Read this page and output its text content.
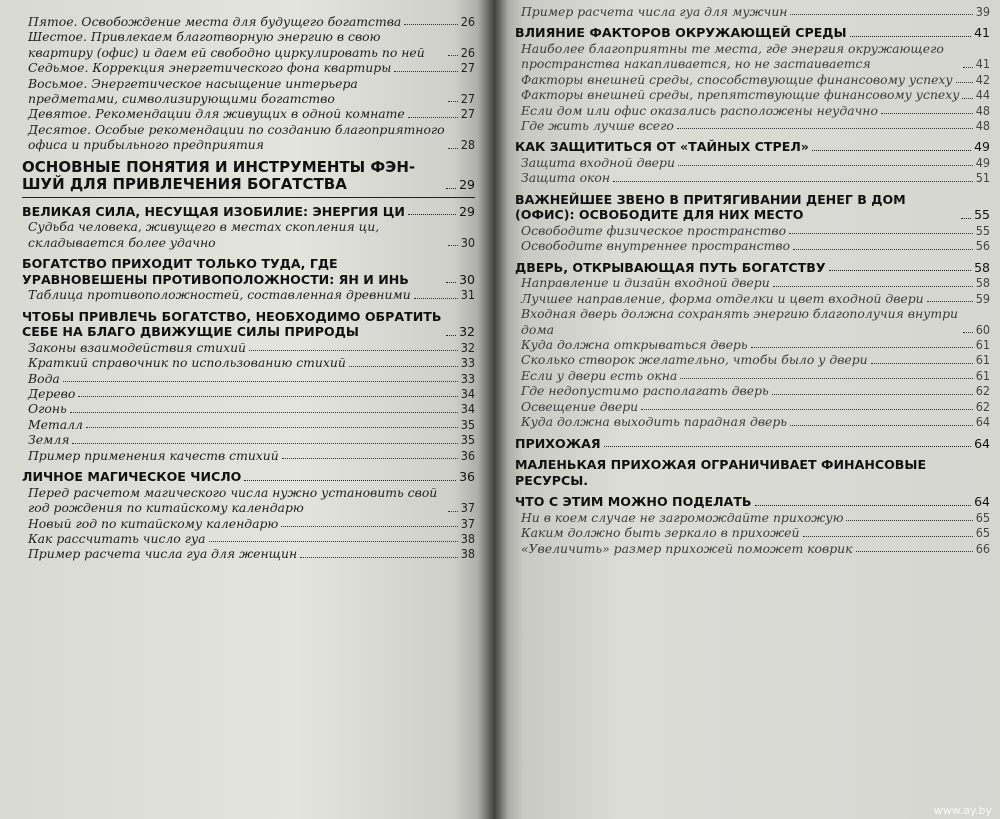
Пятое. Освобождение места для будущего богатства	26
Шестое. Привлекаем благотворную энергию в свою квартиру (офис) и даем ей свободно циркулировать по ней	26
Седьмое. Коррекция энергетического фона квартиры	27
Восьмое. Энергетическое насыщение интерьера предметами, символизирующими богатство	27
Девятое. Рекомендации для живущих в одной комнате	27
Десятое. Особые рекомендации по созданию благоприятного офиса и прибыльного предприятия	28
ОСНОВНЫЕ ПОНЯТИЯ И ИНСТРУМЕНТЫ ФЭН-ШУЙ ДЛЯ ПРИВЛЕЧЕНИЯ БОГАТСТВА	29
ВЕЛИКАЯ СИЛА, НЕСУЩАЯ ИЗОБИЛИЕ: ЭНЕРГИЯ ЦИ	29
Судьба человека, живущего в местах скопления ци, складывается более удачно	30
БОГАТСТВО ПРИХОДИТ ТОЛЬКО ТУДА, ГДЕ УРАВНОВЕШЕНЫ ПРОТИВОПОЛОЖНОСТИ: ЯН И ИНЬ	30
Таблица противоположностей, составленная древними	31
ЧТОБЫ ПРИВЛЕЧЬ БОГАТСТВО, НЕОБХОДИМО ОБРАТИТЬ СЕБЕ НА БЛАГО ДВИЖУЩИЕ СИЛЫ ПРИРОДЫ	32
Законы взаимодействия стихий	32
Краткий справочник по использованию стихий	33
Вода	33
Дерево	34
Огонь	34
Металл	35
Земля	35
Пример применения качеств стихий	36
ЛИЧНОЕ МАГИЧЕСКОЕ ЧИСЛО	36
Перед расчетом магического числа нужно установить свой год рождения по китайскому календарю	37
Новый год по китайскому календарю	37
Как рассчитать число гуа	38
Пример расчета числа гуа для женщин	38
Пример расчета числа гуа для мужчин	39
ВЛИЯНИЕ ФАКТОРОВ ОКРУЖАЮЩЕЙ СРЕДЫ	41
Наиболее благоприятны те места, где энергия окружающего пространства накапливается, но не застаивается	41
Факторы внешней среды, способствующие финансовому успеху 42
Факторы внешней среды, препятствующие финансовому успеху 44
Если дом или офис оказались расположены неудачно	48
Где жить лучше всего	48
КАК ЗАЩИТИТЬСЯ ОТ «ТАЙНЫХ СТРЕЛ»	49
Защита входной двери	49
Защита окон	51
ВАЖНЕЙШЕЕ ЗВЕНО В ПРИТЯГИВАНИИ ДЕНЕГ В ДОМ (ОФИС): ОСВОБОДИТЕ ДЛЯ НИХ МЕСТО	55
Освободите физическое пространство	55
Освободите внутреннее пространство	56
ДВЕРЬ, ОТКРЫВАЮЩАЯ ПУТЬ БОГАТСТВУ	58
Направление и дизайн входной двери	58
Лучшее направление, форма отделки и цвет входной двери	59
Входная дверь должна сохранять энергию благополучия внутри дома	60
Куда должна открываться дверь	61
Сколько створок желательно, чтобы было у двери	61
Если у двери есть окна	61
Где недопустимо располагать дверь	62
Освещение двери	62
Куда должна выходить парадная дверь	64
ПРИХОЖАЯ	64
МАЛЕНЬКАЯ ПРИХОЖАЯ ОГРАНИЧИВАЕТ ФИНАНСОВЫЕ РЕСУРСЫ.
ЧТО С ЭТИМ МОЖНО ПОДЕЛАТЬ	64
Ни в коем случае не загромождайте прихожую	65
Каким должно быть зеркало в прихожей	65
«Увеличить» размер прихожей поможет коврик	66
www.ay.by
